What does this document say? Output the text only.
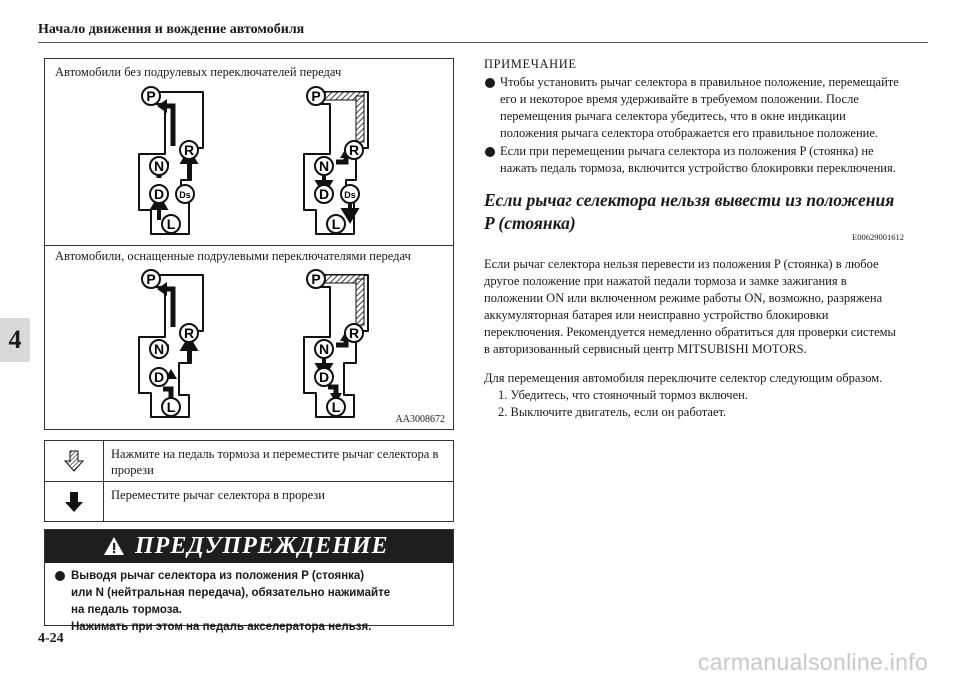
Начало движения и вождение автомобиля
4
Автомобили без подрулевых переключателей передач
Автомобили, оснащенные подрулевыми переключателями передач
P
R
N
D Ds
L
P
R
N
D Ds
L
P
R
N
D
L
P
R
N
D
L
AA3008672
Нажмите на педаль тормоза и переместите рычаг селектора в прорези
Переместите рычаг селектора в прорези
ПРЕДУПРЕЖДЕНИЕ
Выводя рычаг селектора из положения P (стоянка)
или N (нейтральная передача), обязательно нажимайте
на педаль тормоза.
Нажимать при этом на педаль акселератора нельзя.
ПРИМЕЧАНИЕ
Чтобы установить рычаг селектора в правильное положение, перемещайте его и некоторое время удерживайте в требуемом положении. После перемещения рычага селектора убедитесь, что в окне индикации положения рычага селектора отображается его правильное положение.
Если при перемещении рычага селектора из положения P (стоянка) не нажать педаль тормоза, включится устройство блокировки переключения.
Если рычаг селектора нельзя вывести из положения P (стоянка)
E00629001612
Если рычаг селектора нельзя перевести из положения P (стоянка) в любое другое положение при нажатой педали тормоза и замке зажигания в положении ON или включенном режиме работы ON, возможно, разряжена аккумуляторная батарея или неисправно устройство блокировки переключения. Рекомендуется немедленно обратиться для проверки системы в авторизованный сервисный центр MITSUBISHI MOTORS.
Для перемещения автомобиля переключите селектор следующим образом.
1. Убедитесь, что стояночный тормоз включен.
2. Выключите двигатель, если он работает.
4-24
carmanualsonline.info
